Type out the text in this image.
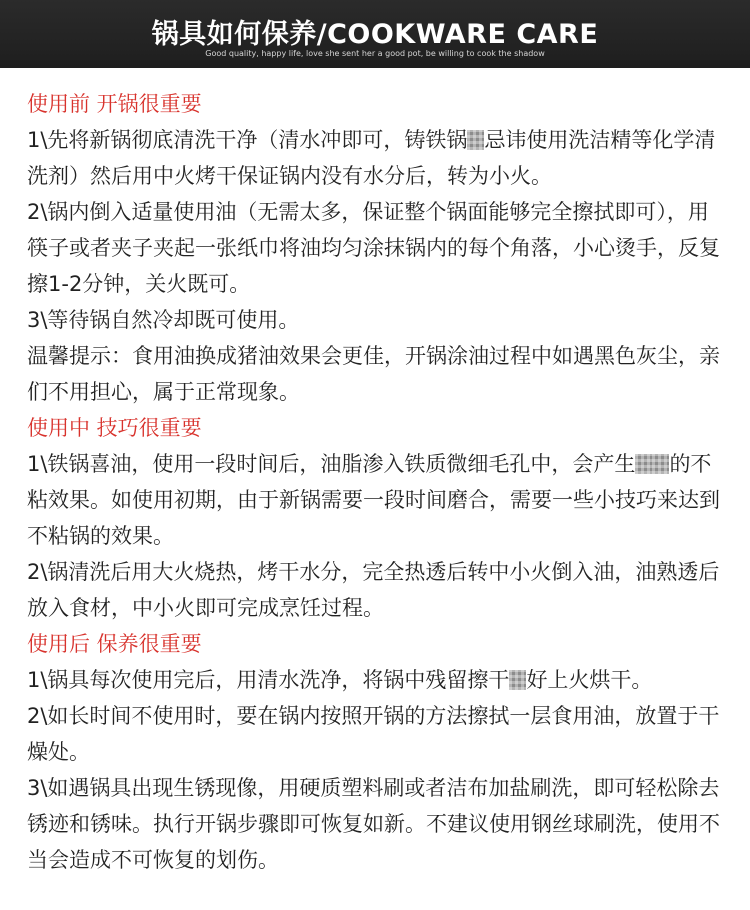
锅具如何保养/COOKWARE CARE
Good quality, happy life, love she sent her a good pot, be willing to cook the shadow
使用前 开锅很重要
1\先将新锅彻底清洗干净（清水冲即可，铸铁锅 忌讳使用洗洁精等化学清洗剂）然后用中火烤干保证锅内没有水分后，转为小火。
2\锅内倒入适量使用油（无需太多，保证整个锅面能够完全擦拭即可），用筷子或者夹子夹起一张纸巾将油均匀涂抹锅内的每个角落，小心烫手，反复擦1-2分钟，关火既可。
3\等待锅自然冷却既可使用。
温馨提示：食用油换成猪油效果会更佳，开锅涂油过程中如遇黑色灰尘，亲们不用担心，属于正常现象。
使用中 技巧很重要
1\铁锅喜油，使用一段时间后，油脂渗入铁质微细毛孔中，会产生 的不粘效果。如使用初期，由于新锅需要一段时间磨合，需要一些小技巧来达到不粘锅的效果。
2\锅清洗后用大火烧热，烤干水分，完全热透后转中小火倒入油，油熟透后放入食材，中小火即可完成烹饪过程。
使用后 保养很重要
1\锅具每次使用完后，用清水洗净，将锅中残留擦干 好上火烘干。
2\如长时间不使用时，要在锅内按照开锅的方法擦拭一层食用油，放置于干燥处。
3\如遇锅具出现生锈现像，用硬质塑料刷或者洁布加盐刷洗，即可轻松除去锈迹和锈味。执行开锅步骤即可恢复如新。不建议使用钢丝球刷洗，使用不当会造成不可恢复的划伤。
